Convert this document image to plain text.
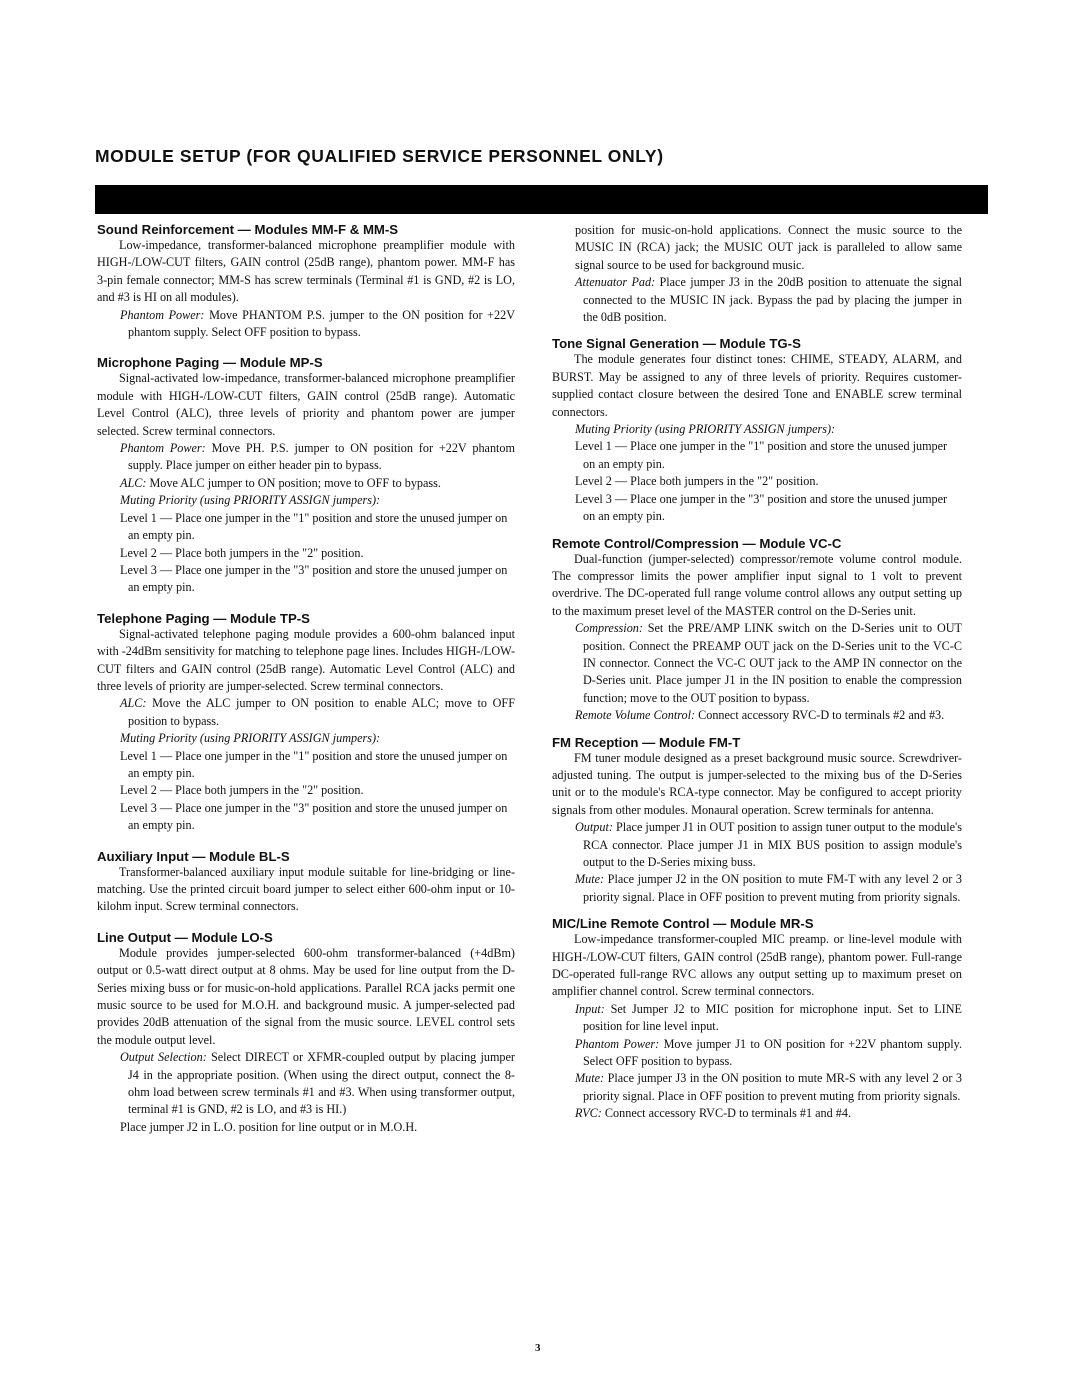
MODULE SETUP (FOR QUALIFIED SERVICE PERSONNEL ONLY)
Sound Reinforcement — Modules MM-F & MM-S

Low-impedance, transformer-balanced microphone preamplifier module with HIGH-/LOW-CUT filters, GAIN control (25dB range), phantom power. MM-F has 3-pin female connector; MM-S has screw terminals (Terminal #1 is GND, #2 is LO, and #3 is HI on all modules).

Phantom Power: Move PHANTOM P.S. jumper to the ON position for +22V phantom supply. Select OFF position to bypass.

Microphone Paging — Module MP-S

Signal-activated low-impedance, transformer-balanced microphone preamplifier module with HIGH-/LOW-CUT filters, GAIN control (25dB range). Automatic Level Control (ALC), three levels of priority and phantom power are jumper selected. Screw terminal connectors.

Phantom Power: Move PH. P.S. jumper to ON position for +22V phantom supply. Place jumper on either header pin to bypass.

ALC: Move ALC jumper to ON position; move to OFF to bypass.

Muting Priority (using PRIORITY ASSIGN jumpers):

Level 1 — Place one jumper in the "1" position and store the unused jumper on an empty pin.

Level 2 — Place both jumpers in the "2" position.

Level 3 — Place one jumper in the "3" position and store the unused jumper on an empty pin.

Telephone Paging — Module TP-S

Signal-activated telephone paging module provides a 600-ohm balanced input with -24dBm sensitivity for matching to telephone page lines. Includes HIGH-/LOW-CUT filters and GAIN control (25dB range). Automatic Level Control (ALC) and three levels of priority are jumper-selected. Screw terminal connectors.

ALC: Move the ALC jumper to ON position to enable ALC; move to OFF position to bypass.

Muting Priority (using PRIORITY ASSIGN jumpers):

Level 1 — Place one jumper in the "1" position and store the unused jumper on an empty pin.

Level 2 — Place both jumpers in the "2" position.

Level 3 — Place one jumper in the "3" position and store the unused jumper on an empty pin.

Auxiliary Input — Module BL-S

Transformer-balanced auxiliary input module suitable for line-bridging or line-matching. Use the printed circuit board jumper to select either 600-ohm input or 10-kilohm input. Screw terminal connectors.

Line Output — Module LO-S

Module provides jumper-selected 600-ohm transformer-balanced (+4dBm) output or 0.5-watt direct output at 8 ohms. May be used for line output from the D-Series mixing buss or for music-on-hold applications. Parallel RCA jacks permit one music source to be used for M.O.H. and background music. A jumper-selected pad provides 20dB attenuation of the signal from the music source. LEVEL control sets the module output level.

Output Selection: Select DIRECT or XFMR-coupled output by placing jumper J4 in the appropriate position. (When using the direct output, connect the 8-ohm load between screw terminals #1 and #3. When using transformer output, terminal #1 is GND, #2 is LO, and #3 is HI.)

Place jumper J2 in L.O. position for line output or in M.O.H.

position for music-on-hold applications. Connect the music source to the MUSIC IN (RCA) jack; the MUSIC OUT jack is paralleled to allow same signal source to be used for background music.

Attenuator Pad: Place jumper J3 in the 20dB position to attenuate the signal connected to the MUSIC IN jack. Bypass the pad by placing the jumper in the 0dB position.

Tone Signal Generation — Module TG-S

The module generates four distinct tones: CHIME, STEADY, ALARM, and BURST. May be assigned to any of three levels of priority. Requires customer-supplied contact closure between the desired Tone and ENABLE screw terminal connectors.

Muting Priority (using PRIORITY ASSIGN jumpers):

Level 1 — Place one jumper in the "1" position and store the unused jumper on an empty pin.

Level 2 — Place both jumpers in the "2" position.

Level 3 — Place one jumper in the "3" position and store the unused jumper on an empty pin.

Remote Control/Compression — Module VC-C

Dual-function (jumper-selected) compressor/remote volume control module. The compressor limits the power amplifier input signal to 1 volt to prevent overdrive. The DC-operated full range volume control allows any output setting up to the maximum preset level of the MASTER control on the D-Series unit.

Compression: Set the PRE/AMP LINK switch on the D-Series unit to OUT position. Connect the PREAMP OUT jack on the D-Series unit to the VC-C IN connector. Connect the VC-C OUT jack to the AMP IN connector on the D-Series unit. Place jumper J1 in the IN position to enable the compression function; move to the OUT position to bypass.

Remote Volume Control: Connect accessory RVC-D to terminals #2 and #3.

FM Reception — Module FM-T

FM tuner module designed as a preset background music source. Screwdriver-adjusted tuning. The output is jumper-selected to the mixing bus of the D-Series unit or to the module's RCA-type connector. May be configured to accept priority signals from other modules. Monaural operation. Screw terminals for antenna.

Output: Place jumper J1 in OUT position to assign tuner output to the module's RCA connector. Place jumper J1 in MIX BUS position to assign module's output to the D-Series mixing buss.

Mute: Place jumper J2 in the ON position to mute FM-T with any level 2 or 3 priority signal. Place in OFF position to prevent muting from priority signals.

MIC/Line Remote Control — Module MR-S

Low-impedance transformer-coupled MIC preamp. or line-level module with HIGH-/LOW-CUT filters, GAIN control (25dB range), phantom power. Full-range DC-operated full-range RVC allows any output setting up to maximum preset on amplifier channel control. Screw terminal connectors.

Input: Set Jumper J2 to MIC position for microphone input. Set to LINE position for line level input.

Phantom Power: Move jumper J1 to ON position for +22V phantom supply. Select OFF position to bypass.

Mute: Place jumper J3 in the ON position to mute MR-S with any level 2 or 3 priority signal. Place in OFF position to prevent muting from priority signals.

RVC: Connect accessory RVC-D to terminals #1 and #4.

3
